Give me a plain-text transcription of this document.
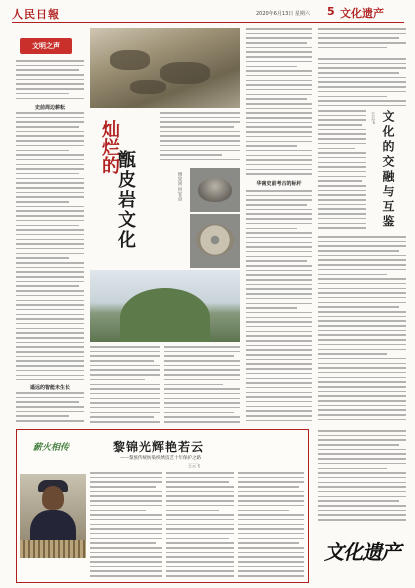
人民日報	2020年6月13日 星期六 5 文化遗产
文明之声
史前周边耕耘
遥远的智能未生长
灿烂的
甑皮岩文化	傅宪国 何安益	华南史前考古的标杆	文化的交融与互鉴
王云飞
薪火相传	黎锦光辉艳若云
——黎族传统纺染织绣技艺十年保护之路
王云飞
文化遗产
